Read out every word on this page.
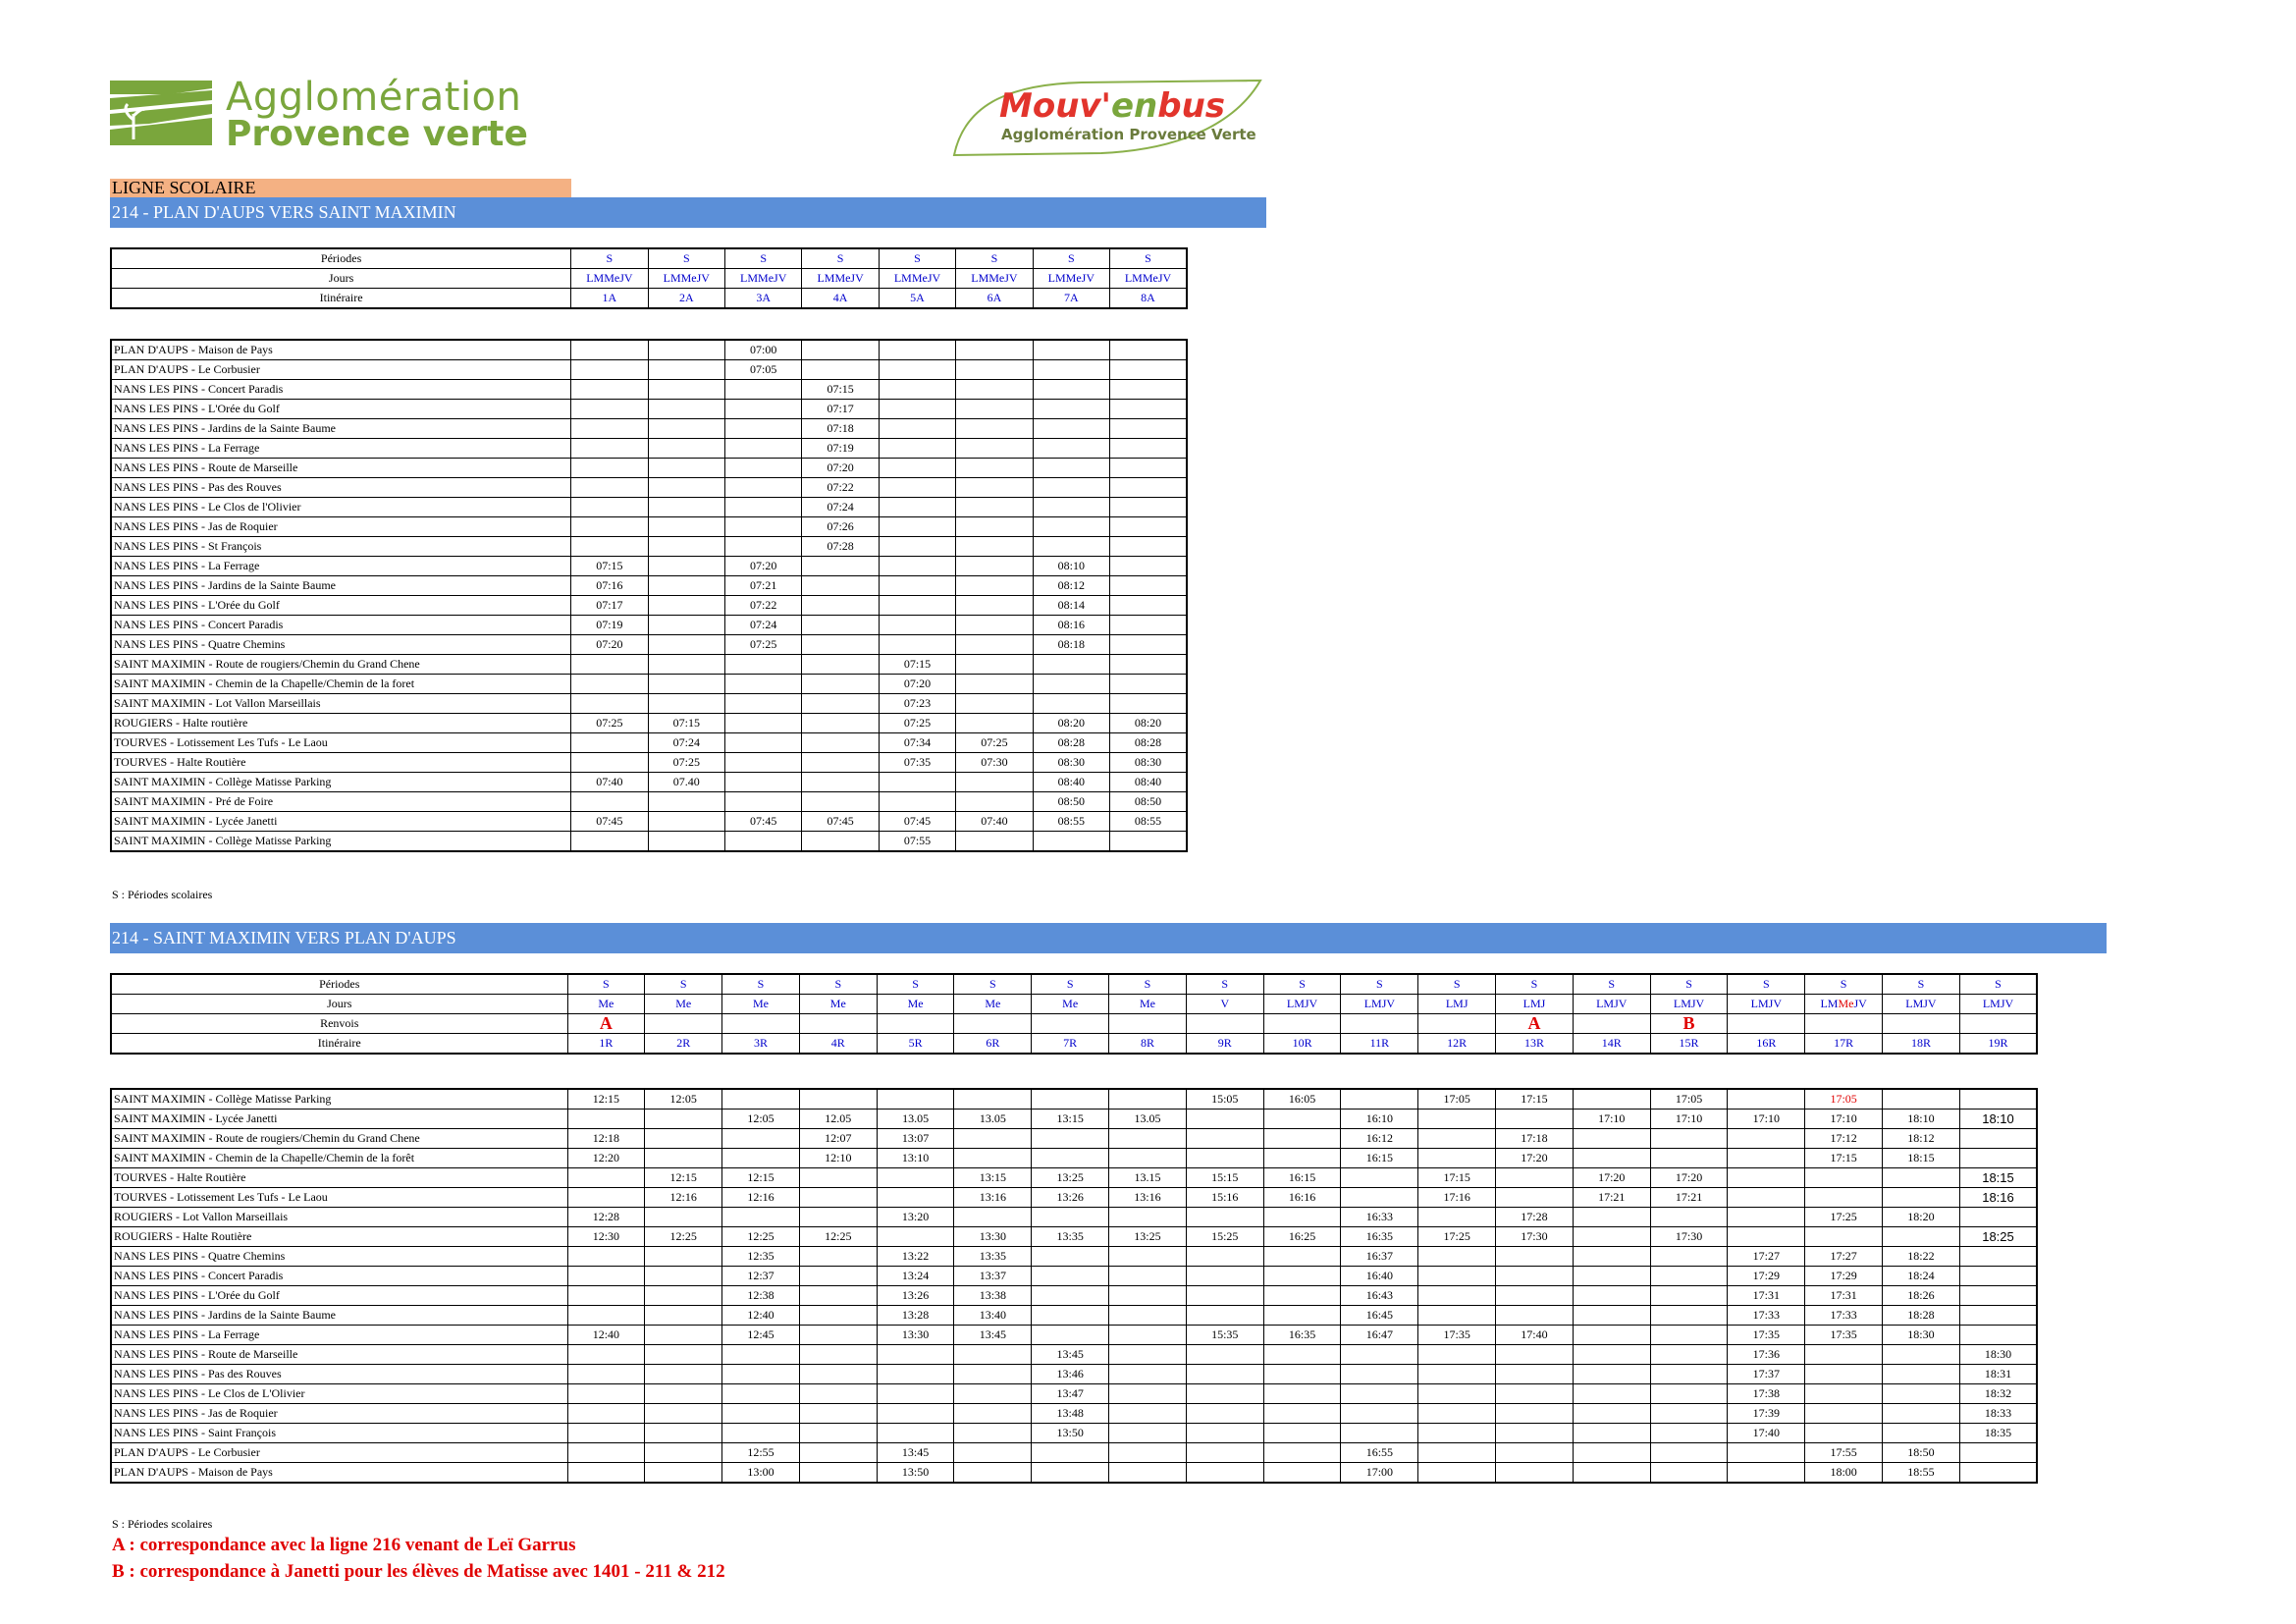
Agglomération
Provence verte
Mouv'enbus
Agglomération Provence Verte
LIGNE SCOLAIRE
214 - PLAN D'AUPS VERS SAINT MAXIMIN
Périodes	S	S	S	S	S	S	S	S
Jours	LMMeJV	LMMeJV	LMMeJV	LMMeJV	LMMeJV	LMMeJV	LMMeJV	LMMeJV
Itinéraire	1A	2A	3A	4A	5A	6A	7A	8A
PLAN D'AUPS - Maison de Pays			07:00					
PLAN D'AUPS - Le Corbusier			07:05					
NANS LES PINS - Concert Paradis				07:15				
NANS LES PINS - L'Orée du Golf				07:17				
NANS LES PINS - Jardins de la Sainte Baume				07:18				
NANS LES PINS - La Ferrage				07:19				
NANS LES PINS - Route de Marseille				07:20				
NANS LES PINS - Pas des Rouves				07:22				
NANS LES PINS - Le Clos de l'Olivier				07:24				
NANS LES PINS - Jas de Roquier				07:26				
NANS LES PINS - St François				07:28				
NANS LES PINS - La Ferrage	07:15		07:20				08:10	
NANS LES PINS - Jardins de la Sainte Baume	07:16		07:21				08:12	
NANS LES PINS - L'Orée du Golf	07:17		07:22				08:14	
NANS LES PINS - Concert Paradis	07:19		07:24				08:16	
NANS LES PINS - Quatre Chemins	07:20		07:25				08:18	
SAINT MAXIMIN - Route de rougiers/Chemin du Grand Chene					07:15			
SAINT MAXIMIN - Chemin de la Chapelle/Chemin de la foret					07:20			
SAINT MAXIMIN - Lot Vallon Marseillais					07:23			
ROUGIERS - Halte routière	07:25	07:15			07:25		08:20	08:20
TOURVES - Lotissement Les Tufs - Le Laou		07:24			07:34	07:25	08:28	08:28
TOURVES - Halte Routière		07:25			07:35	07:30	08:30	08:30
SAINT MAXIMIN - Collège Matisse Parking	07:40	07.40					08:40	08:40
SAINT MAXIMIN - Pré de Foire							08:50	08:50
SAINT MAXIMIN - Lycée Janetti	07:45		07:45	07:45	07:45	07:40	08:55	08:55
SAINT MAXIMIN - Collège Matisse Parking					07:55			
S : Périodes scolaires
214 - SAINT MAXIMIN VERS PLAN D'AUPS
Périodes	S	S	S	S	S	S	S	S	S	S	S	S	S	S	S	S	S	S	S
Jours	Me	Me	Me	Me	Me	Me	Me	Me	V	LMJV	LMJV	LMJ	LMJ	LMJV	LMJV	LMJV	LMMeJV	LMJV	LMJV
Renvois	A												A		B				
Itinéraire	1R	2R	3R	4R	5R	6R	7R	8R	9R	10R	11R	12R	13R	14R	15R	16R	17R	18R	19R
SAINT MAXIMIN - Collège Matisse Parking	12:15	12:05							15:05	16:05		17:05	17:15		17:05		17:05		
SAINT MAXIMIN - Lycée Janetti			12:05	12.05	13.05	13.05	13:15	13.05			16:10			17:10	17:10	17:10	17:10	18:10	18:10
SAINT MAXIMIN - Route de rougiers/Chemin du Grand Chene	12:18			12:07	13:07						16:12		17:18				17:12	18:12	
SAINT MAXIMIN - Chemin de la Chapelle/Chemin de la forêt	12:20			12:10	13:10						16:15		17:20				17:15	18:15	
TOURVES - Halte Routière		12:15	12:15			13:15	13:25	13.15	15:15	16:15		17:15		17:20	17:20				18:15
TOURVES - Lotissement Les Tufs - Le Laou		12:16	12:16			13:16	13:26	13:16	15:16	16:16		17:16		17:21	17:21				18:16
ROUGIERS - Lot Vallon Marseillais	12:28				13:20						16:33		17:28				17:25	18:20	
ROUGIERS - Halte Routière	12:30	12:25	12:25	12:25		13:30	13:35	13:25	15:25	16:25	16:35	17:25	17:30		17:30				18:25
NANS LES PINS - Quatre Chemins			12:35		13:22	13:35					16:37					17:27	17:27	18:22	
NANS LES PINS - Concert Paradis			12:37		13:24	13:37					16:40					17:29	17:29	18:24	
NANS LES PINS - L'Orée du Golf			12:38		13:26	13:38					16:43					17:31	17:31	18:26	
NANS LES PINS - Jardins de la Sainte Baume			12:40		13:28	13:40					16:45					17:33	17:33	18:28	
NANS LES PINS - La Ferrage	12:40		12:45		13:30	13:45			15:35	16:35	16:47	17:35	17:40			17:35	17:35	18:30	
NANS LES PINS - Route de Marseille							13:45									17:36			18:30
NANS LES PINS - Pas des Rouves							13:46									17:37			18:31
NANS LES PINS - Le Clos de L'Olivier							13:47									17:38			18:32
NANS LES PINS - Jas de Roquier							13:48									17:39			18:33
NANS LES PINS - Saint François							13:50									17:40			18:35
PLAN D'AUPS - Le Corbusier			12:55		13:45						16:55						17:55	18:50	
PLAN D'AUPS - Maison de Pays			13:00		13:50						17:00						18:00	18:55	
S : Périodes scolaires
A : correspondance avec la ligne 216 venant de Leï Garrus
B : correspondance à Janetti pour les élèves de Matisse avec 1401 - 211 & 212
